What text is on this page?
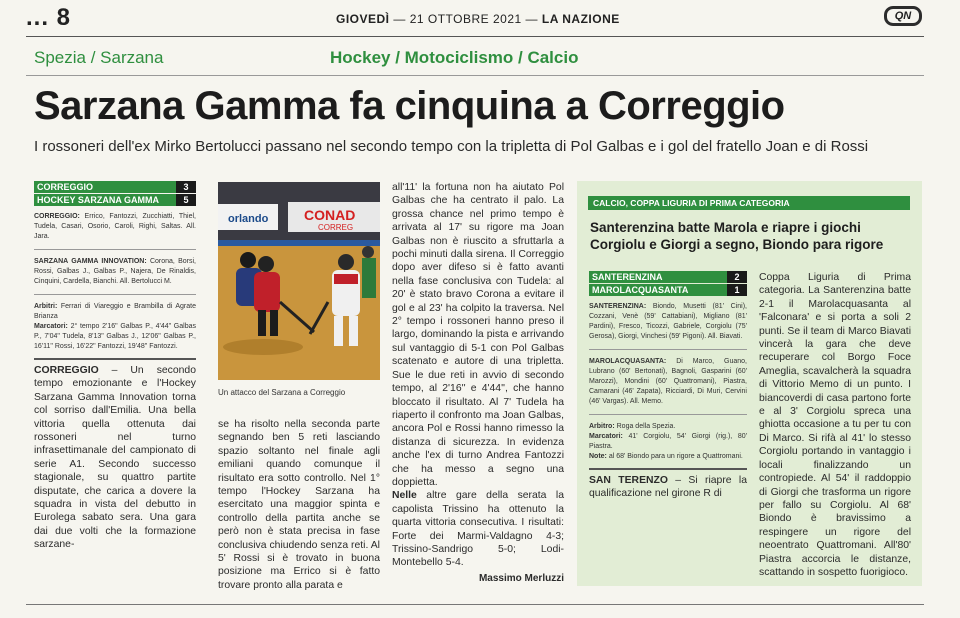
... 8	GIOVEDÌ — 21 OTTOBRE 2021 — LA NAZIONE	QN
Spezia / Sarzana	Hockey / Motociclismo / Calcio
Sarzana Gamma fa cinquina a Correggio
I rossoneri dell'ex Mirko Bertolucci passano nel secondo tempo con la tripletta di Pol Galbas e i gol del fratello Joan e di Rossi
CORREGGIO	3
HOCKEY SARZANA GAMMA	5
CORREGGIO: Errico, Fantozzi, Zucchiatti, Thiel, Tudela, Casari, Osorio, Caroli, Righi, Saltas. All. Jara.
SARZANA GAMMA INNOVATION: Corona, Borsi, Rossi, Galbas J., Galbas P., Najera, De Rinaldis, Cinquini, Cardella, Bianchi. All. Bertolucci M.
Arbitri: Ferrari di Viareggio e Brambilla di Agrate Brianza
Marcatori: 2° tempo 2'16" Galbas P., 4'44" Galbas P., 7'04" Tudela, 8'13" Galbas J., 12'06" Galbas P., 16'11" Rossi, 16'22" Fantozzi, 19'48" Fantozzi.
CORREGGIO – Un secondo tempo emozionante e l'Hockey Sarzana Gamma Innovation torna col sorriso dall'Emilia. Una bella vittoria quella ottenuta dai rossoneri nel turno infrasettimanale del campionato di serie A1. Secondo successo stagionale, su quattro partite disputate, che carica a dovere la squadra in vista del debutto in Eurolega sabato sera. Una gara dai due volti che la formazione sarzane-
orlando	CONAD
CORREG
Un attacco del Sarzana a Correggio
se ha risolto nella seconda parte segnando ben 5 reti lasciando spazio soltanto nel finale agli emiliani quando comunque il risultato era sotto controllo. Nel 1° tempo l'Hockey Sarzana ha esercitato una maggior spinta e controllo della partita anche se però non è stata precisa in fase conclusiva chiudendo senza reti. Al 5' Rossi si è trovato in buona posizione ma Errico si è fatto trovare pronto alla parata e
all'11' la fortuna non ha aiutato Pol Galbas che ha centrato il palo. La grossa chance nel primo tempo è arrivata al 17' su rigore ma Joan Galbas non è riuscito a sfruttarla a pochi minuti dalla sirena. Il Correggio dopo aver difeso si è fatto avanti nella fase conclusiva con Tudela: al 20' è stato bravo Corona a evitare il gol e al 23' ha colpito la traversa. Nel 2° tempo i rossoneri hanno preso il largo, dominando la pista e arrivando sul vantaggio di 5-1 con Pol Galbas scatenato e autore di una tripletta. Sue le due reti in avvio di secondo tempo, al 2'16'' e 4'44'', che hanno bloccato il risultato. Al 7' Tudela ha riaperto il confronto ma Joan Galbas, ancora Pol e Rossi hanno rimesso la distanza di sicurezza. In evidenza anche l'ex di turno Andrea Fantozzi che ha messo a segno una doppietta.
Nelle altre gare della serata la capolista Trissino ha ottenuto la quarta vittoria consecutiva. I risultati: Forte dei Marmi-Valdagno 4-3; Trissino-Sandrigo 5-0; Lodi-Montebello 5-4.
Massimo Merluzzi
CALCIO, COPPA LIGURIA DI PRIMA CATEGORIA
Santerenzina batte Marola e riapre i giochi Corgiolu e Giorgi a segno, Biondo para rigore
SANTERENZINA	2
MAROLACQUASANTA	1
SANTERENZINA: Biondo, Musetti (81' Cini), Cozzani, Venè (59' Cattabiani), Migliano (81' Pardini), Fresco, Ticozzi, Gabriele, Corgiolu (75' Gerosa), Giorgi, Vinchesi (59' Pigoni). All. Biavati.
MAROLACQUASANTA: Di Marco, Guano, Lubrano (60' Bertonati), Bagnoli, Gasparini (60' Marozzi), Mondini (60' Quattromani), Piastra, Camarani (46' Zapata), Ricciardi, Di Muri, Cervini (46' Vargas). All. Memo.
Arbitro: Roga della Spezia.
Marcatori: 41' Corgiolu, 54' Giorgi (rig.), 80' Piastra.
Note: al 68' Biondo para un rigore a Quattromani.
SAN TERENZO – Si riapre la qualificazione nel girone R di
Coppa Liguria di Prima categoria. La Santerenzina batte 2-1 il Marolacquasanta al 'Falconara' e si porta a soli 2 punti. Se il team di Marco Biavati vincerà la gara che deve recuperare col Borgo Foce Ameglia, scavalcherà la squadra di Vittorio Memo di un punto. I biancoverdi di casa partono forte e al 3' Corgiolu spreca una ghiotta occasione a tu per tu con Di Marco. Si rifà al 41' lo stesso Corgiolu portando in vantaggio i locali finalizzando un contropiede. Al 54' il raddoppio di Giorgi che trasforma un rigore per fallo su Corgiolu. Al 68' Biondo è bravissimo a respingere un rigore del neoentrato Quattromani. All'80' Piastra accorcia le distanze, scattando in sospetto fuorigioco.
